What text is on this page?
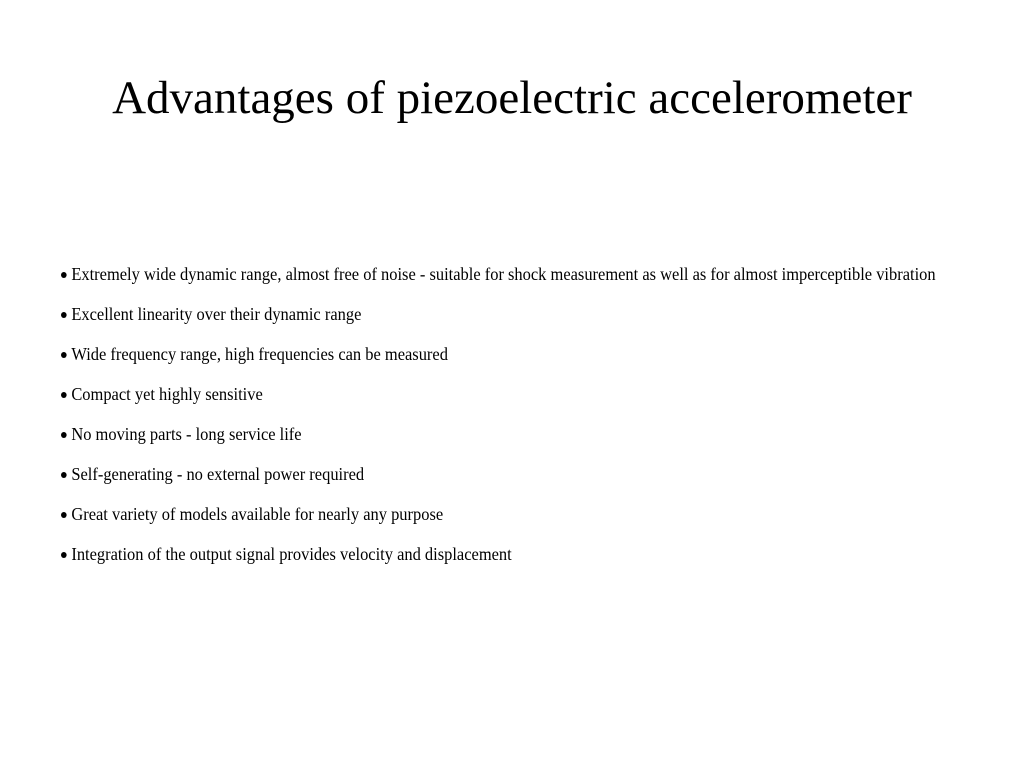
Advantages of piezoelectric accelerometer
Extremely wide dynamic range, almost free of noise - suitable for shock measurement as well as for almost imperceptible vibration
Excellent linearity over their dynamic range
Wide frequency range, high frequencies can be measured
Compact yet highly sensitive
No moving parts - long service life
Self-generating - no external power required
Great variety of models available for nearly any purpose
Integration of the output signal provides velocity and displacement
